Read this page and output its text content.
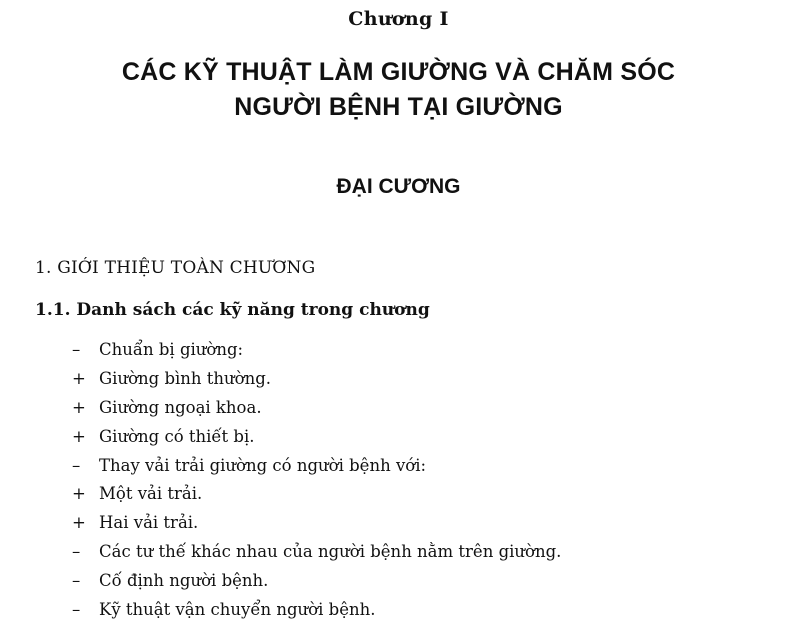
Chương I
CÁC KỸ THUẬT LÀM GIƯỜNG VÀ CHĂM SÓC
NGƯỜI BỆNH TẠI GIƯỜNG
ĐẠI CƯƠNG
1. GIỚI THIỆU TOÀN CHƯƠNG
1.1. Danh sách các kỹ năng trong chương
– Chuẩn bị giường:
+ Giường bình thường.
+ Giường ngoại khoa.
+ Giường có thiết bị.
– Thay vải trải giường có người bệnh với:
+ Một vải trải.
+ Hai vải trải.
– Các tư thế khác nhau của người bệnh nằm trên giường.
– Cố định người bệnh.
– Kỹ thuật vận chuyển người bệnh.
